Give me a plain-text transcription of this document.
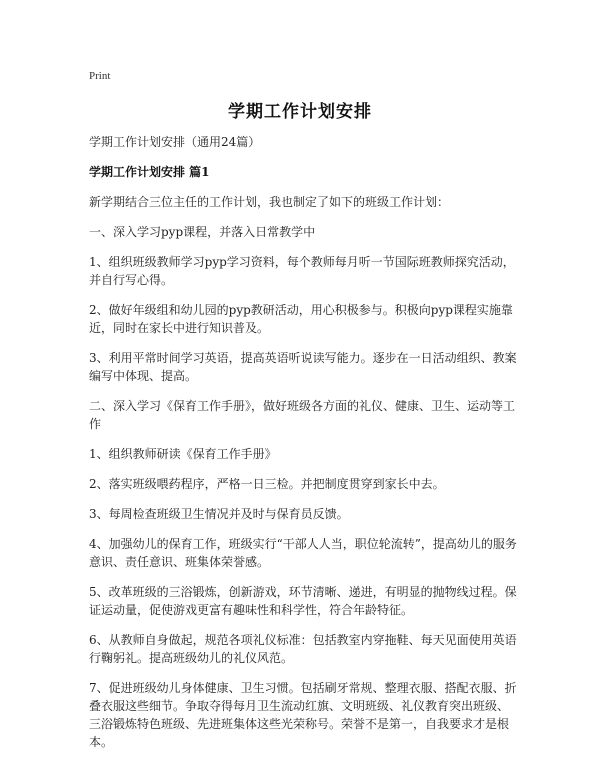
Print
学期工作计划安排
学期工作计划安排（通用24篇）
学期工作计划安排 篇1
新学期结合三位主任的工作计划，我也制定了如下的班级工作计划：
一、深入学习pyp课程，并落入日常教学中
1、组织班级教师学习pyp学习资料，每个教师每月听一节国际班教师探究活动，并自行写心得。
2、做好年级组和幼儿园的pyp教研活动，用心积极参与。积极向pyp课程实施靠近，同时在家长中进行知识普及。
3、利用平常时间学习英语，提高英语听说读写能力。逐步在一日活动组织、教案编写中体现、提高。
二、深入学习《保育工作手册》，做好班级各方面的礼仪、健康、卫生、运动等工作
1、组织教师研读《保育工作手册》
2、落实班级喂药程序，严格一日三检。并把制度贯穿到家长中去。
3、每周检查班级卫生情况并及时与保育员反馈。
4、加强幼儿的保育工作，班级实行“干部人人当，职位轮流转”，提高幼儿的服务意识、责任意识、班集体荣誉感。
5、改革班级的三浴锻炼，创新游戏，环节清晰、递进，有明显的抛物线过程。保证运动量，促使游戏更富有趣味性和科学性，符合年龄特征。
6、从教师自身做起，规范各项礼仪标准：包括教室内穿拖鞋、每天见面使用英语行鞠躬礼。提高班级幼儿的礼仪风范。
7、促进班级幼儿身体健康、卫生习惯。包括刷牙常规、整理衣服、搭配衣服、折叠衣服这些细节。争取夺得每月卫生流动红旗、文明班级、礼仪教育突出班级、三浴锻炼特色班级、先进班集体这些光荣称号。荣誉不是第一，自我要求才是根本。
